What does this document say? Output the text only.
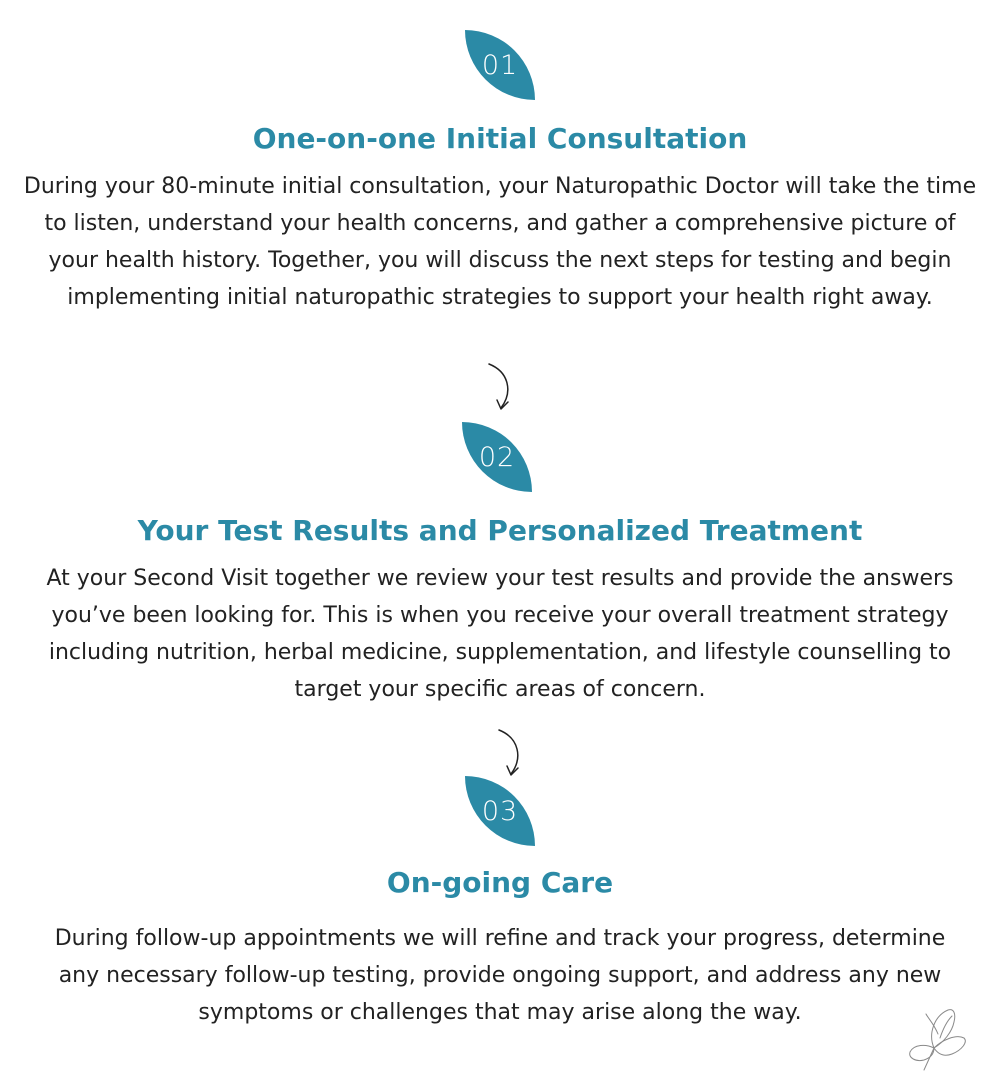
01
One-on-one Initial Consultation

During your 80-minute initial consultation, your Naturopathic Doctor will take the time to listen, understand your health concerns, and gather a comprehensive picture of your health history. Together, you will discuss the next steps for testing and begin implementing initial naturopathic strategies to support your health right away.

02
Your Test Results and Personalized Treatment

At your Second Visit together we review your test results and provide the answers you’ve been looking for. This is when you receive your overall treatment strategy including nutrition, herbal medicine, supplementation, and lifestyle counselling to target your specific areas of concern.

03
On-going Care

During follow-up appointments we will refine and track your progress, determine any necessary follow-up testing, provide ongoing support, and address any new symptoms or challenges that may arise along the way.
